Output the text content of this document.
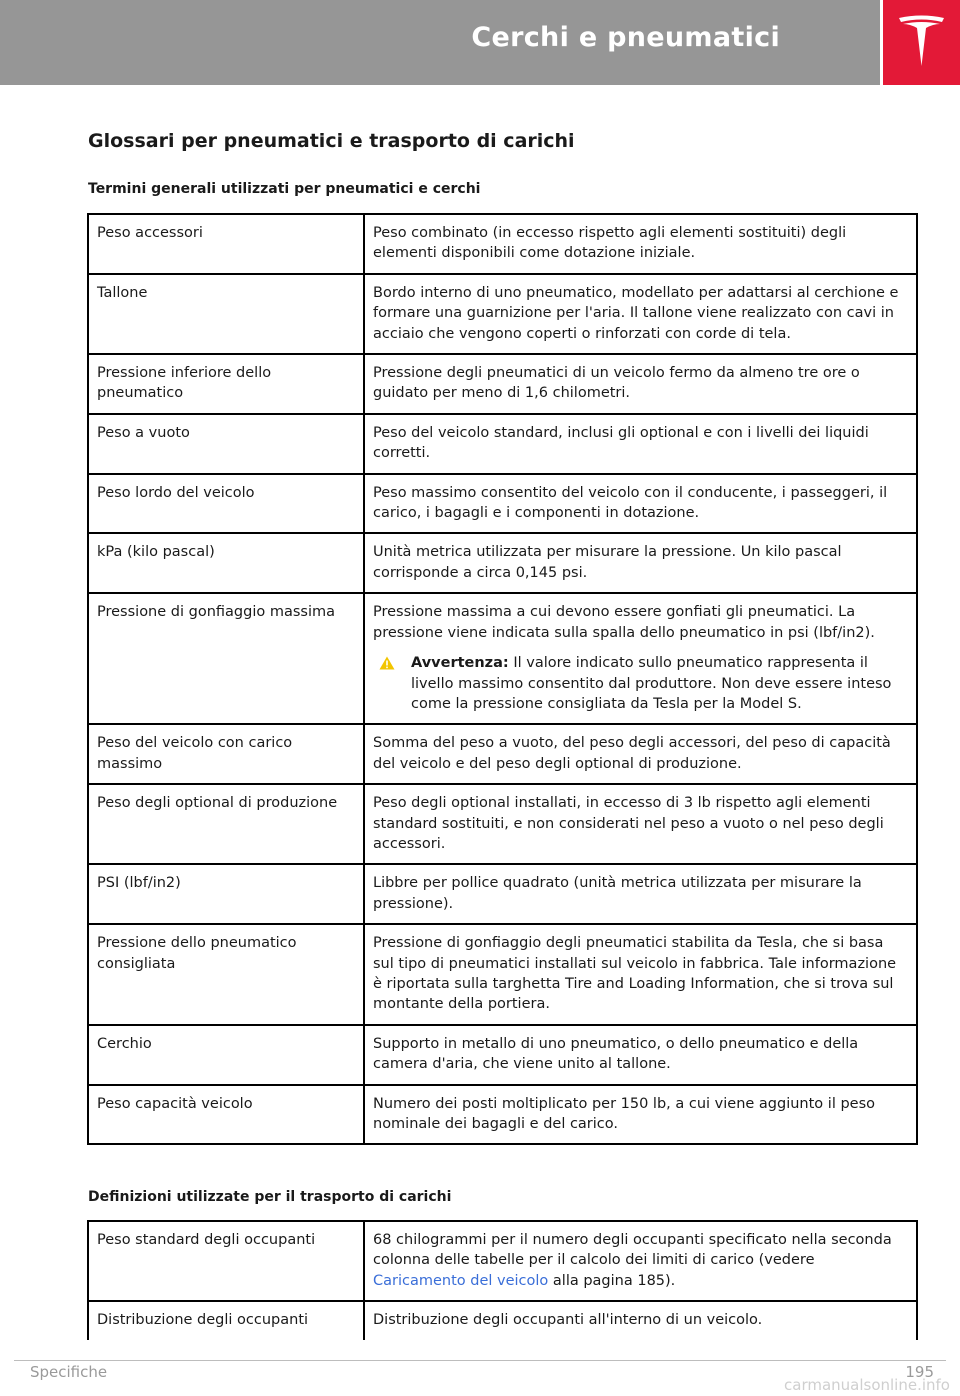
Cerchi e pneumatici
Glossari per pneumatici e trasporto di carichi
Termini generali utilizzati per pneumatici e cerchi
Peso accessori	Peso combinato (in eccesso rispetto agli elementi sostituiti) degli elementi disponibili come dotazione iniziale.
Tallone	Bordo interno di uno pneumatico, modellato per adattarsi al cerchione e formare una guarnizione per l'aria. Il tallone viene realizzato con cavi in acciaio che vengono coperti o rinforzati con corde di tela.
Pressione inferiore dello pneumatico	Pressione degli pneumatici di un veicolo fermo da almeno tre ore o guidato per meno di 1,6 chilometri.
Peso a vuoto	Peso del veicolo standard, inclusi gli optional e con i livelli dei liquidi corretti.
Peso lordo del veicolo	Peso massimo consentito del veicolo con il conducente, i passeggeri, il carico, i bagagli e i componenti in dotazione.
kPa (kilo pascal)	Unità metrica utilizzata per misurare la pressione. Un kilo pascal corrisponde a circa 0,145 psi.
Pressione di gonfiaggio massima	Pressione massima a cui devono essere gonfiati gli pneumatici. La pressione viene indicata sulla spalla dello pneumatico in psi (lbf/in2).
Avvertenza: Il valore indicato sullo pneumatico rappresenta il livello massimo consentito dal produttore. Non deve essere inteso come la pressione consigliata da Tesla per la Model S.

Peso del veicolo con carico massimo	Somma del peso a vuoto, del peso degli accessori, del peso di capacità del veicolo e del peso degli optional di produzione.
Peso degli optional di produzione	Peso degli optional installati, in eccesso di 3 lb rispetto agli elementi standard sostituiti, e non considerati nel peso a vuoto o nel peso degli accessori.
PSI (lbf/in2)	Libbre per pollice quadrato (unità metrica utilizzata per misurare la pressione).
Pressione dello pneumatico consigliata	Pressione di gonfiaggio degli pneumatici stabilita da Tesla, che si basa sul tipo di pneumatici installati sul veicolo in fabbrica. Tale informazione è riportata sulla targhetta Tire and Loading Information, che si trova sul montante della portiera.
Cerchio	Supporto in metallo di uno pneumatico, o dello pneumatico e della camera d'aria, che viene unito al tallone.
Peso capacità veicolo	Numero dei posti moltiplicato per 150 lb, a cui viene aggiunto il peso nominale dei bagagli e del carico.
Definizioni utilizzate per il trasporto di carichi
Peso standard degli occupanti	68 chilogrammi per il numero degli occupanti specificato nella seconda colonna delle tabelle per il calcolo dei limiti di carico (vedere Caricamento del veicolo alla pagina 185).
Distribuzione degli occupanti	Distribuzione degli occupanti all'interno di un veicolo.
Specifiche	195
carmanualsonline.info
